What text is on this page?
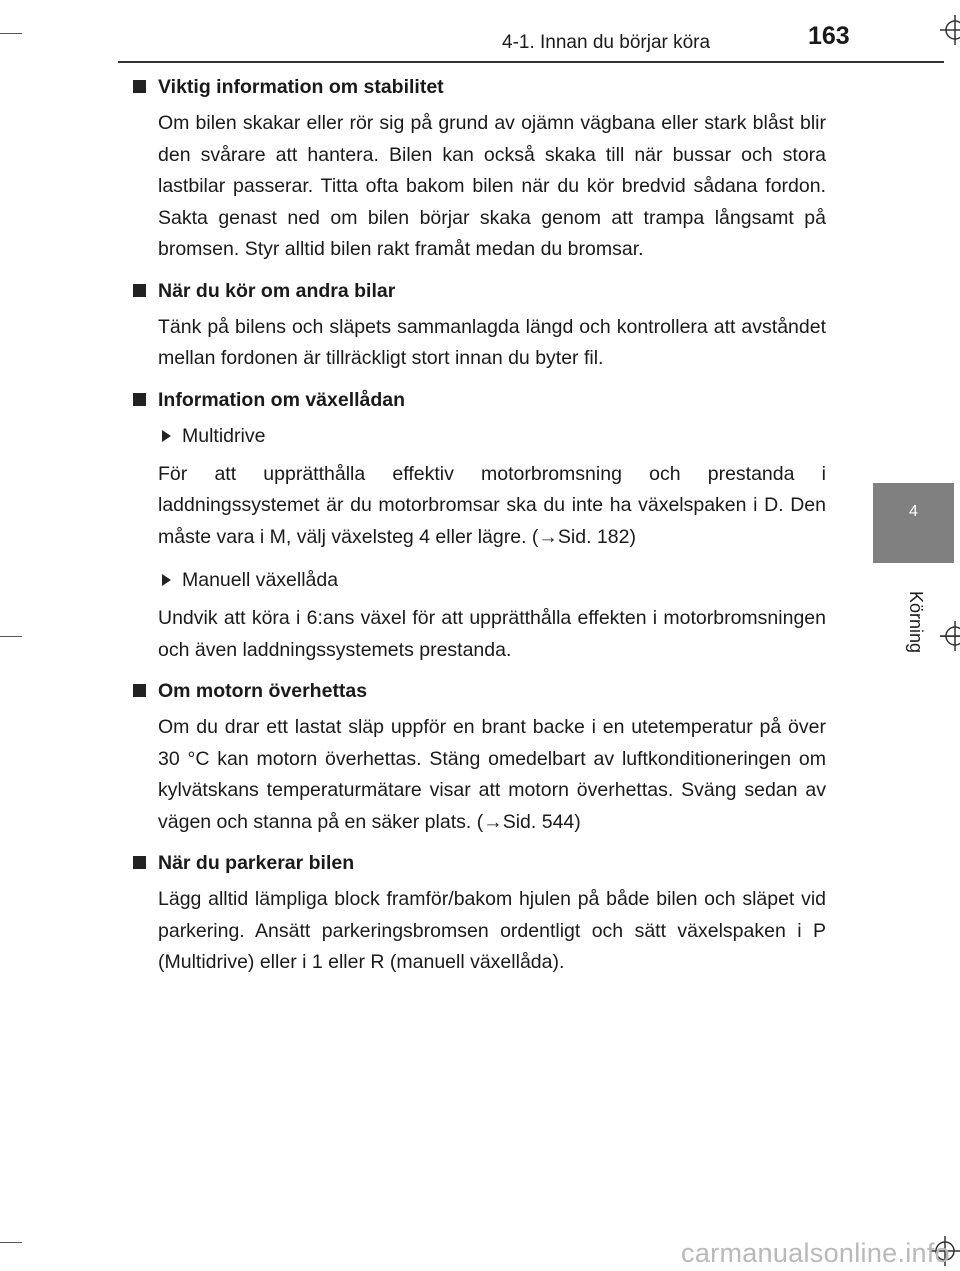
4-1. Innan du börjar köra	163
4
Körning
Viktig information om stabilitet

Om bilen skakar eller rör sig på grund av ojämn vägbana eller stark blåst blir den svårare att hantera. Bilen kan också skaka till när bussar och stora lastbilar passerar. Titta ofta bakom bilen när du kör bredvid sådana fordon. Sakta genast ned om bilen börjar skaka genom att trampa långsamt på bromsen. Styr alltid bilen rakt framåt medan du bromsar.

När du kör om andra bilar

Tänk på bilens och släpets sammanlagda längd och kontrollera att avståndet mellan fordonen är tillräckligt stort innan du byter fil.

Information om växellådan
Multidrive

För att upprätthålla effektiv motorbromsning och prestanda i laddningssystemet är du motorbromsar ska du inte ha växelspaken i D. Den måste vara i M, välj växelsteg 4 eller lägre. (→Sid. 182)

Manuell växellåda

Undvik att köra i 6:ans växel för att upprätthålla effekten i motorbromsningen och även laddningssystemets prestanda.

Om motorn överhettas

Om du drar ett lastat släp uppför en brant backe i en utetemperatur på över 30 °C kan motorn överhettas. Stäng omedelbart av luftkonditioneringen om kylvätskans temperaturmätare visar att motorn överhettas. Sväng sedan av vägen och stanna på en säker plats. (→Sid. 544)

När du parkerar bilen

Lägg alltid lämpliga block framför/bakom hjulen på både bilen och släpet vid parkering. Ansätt parkeringsbromsen ordentligt och sätt växelspaken i P (Multidrive) eller i 1 eller R (manuell växellåda).

carmanualsonline.info
